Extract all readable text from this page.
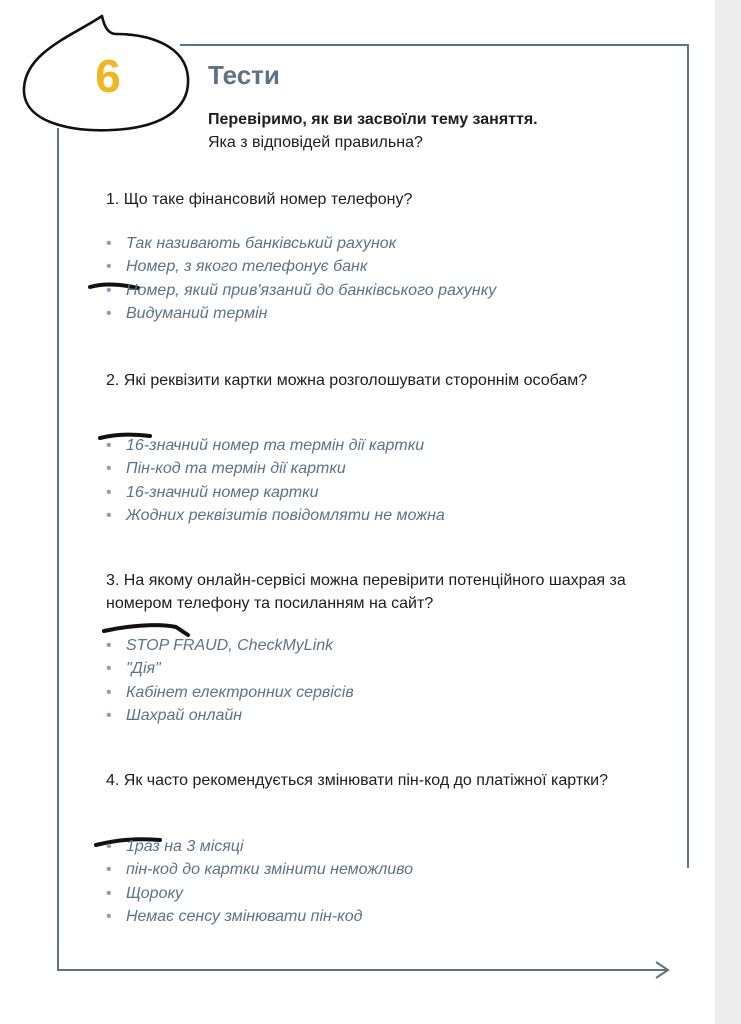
6	Тести
Перевіримо, як ви засвоїли тему заняття.
Яка з відповідей правильна?
1. Що таке фінансовий номер телефону?
• Так називають банківський рахунок
• Номер, з якого телефонує банк
• Номер, який прив'язаний до банківського рахунку
• Видуманий термін
2. Які реквізити картки можна розголошувати стороннім особам?
• 16-значний номер та термін дії картки
• Пін-код та термін дії картки
• 16-значний номер картки
• Жодних реквізитів повідомляти не можна
3. На якому онлайн-сервісі можна перевірити потенційного шахрая за номером телефону та посиланням на сайт?
• STOP FRAUD, CheckMyLink
• "Дія"
• Кабінет електронних сервісів
• Шахрай онлайн
4. Як часто рекомендується змінювати пін-код до платіжної картки?
• 1раз на 3 місяці
• пін-код до картки змінити неможливо
• Щороку
• Немає сенсу змінювати пін-код
